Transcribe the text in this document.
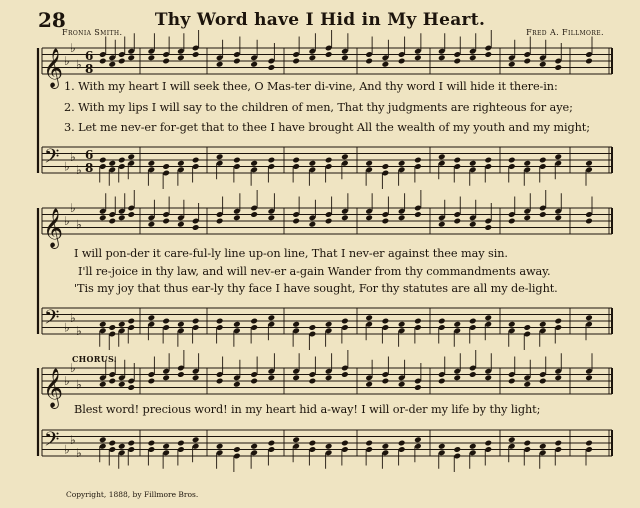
𝄞 ♭
♭
♭
6
8
𝄢 ♭
♭
♭
6
8
𝄞 ♭
♭
♭
𝄢 ♭
♭
♭
𝄞 ♭
♭
♭
𝄢 ♭
♭
♭
28	Thy Word have I Hid in My Heart.
Fronia Smith.	Fred A. Fillmore.
1. With my heart I will seek thee, O Mas-ter di-vine, And thy word I will hide it there-in:
2. With my lips I will say to the children of men, That thy judgments are righteous for aye;
3. Let me nev-er for-get that to thee I have brought All the wealth of my youth and my might;
I will pon-der it care-ful-ly line up-on line, That I nev-er against thee may sin.
I'll re-joice in thy law, and will nev-er a-gain Wander from thy commandments away.
'Tis my joy that thus ear-ly thy face I have sought, For thy statutes are all my de-light.
CHORUS.
Blest word! precious word! in my heart hid a-way! I will or-der my life by thy light;
Copyright, 1888, by Fillmore Bros.
